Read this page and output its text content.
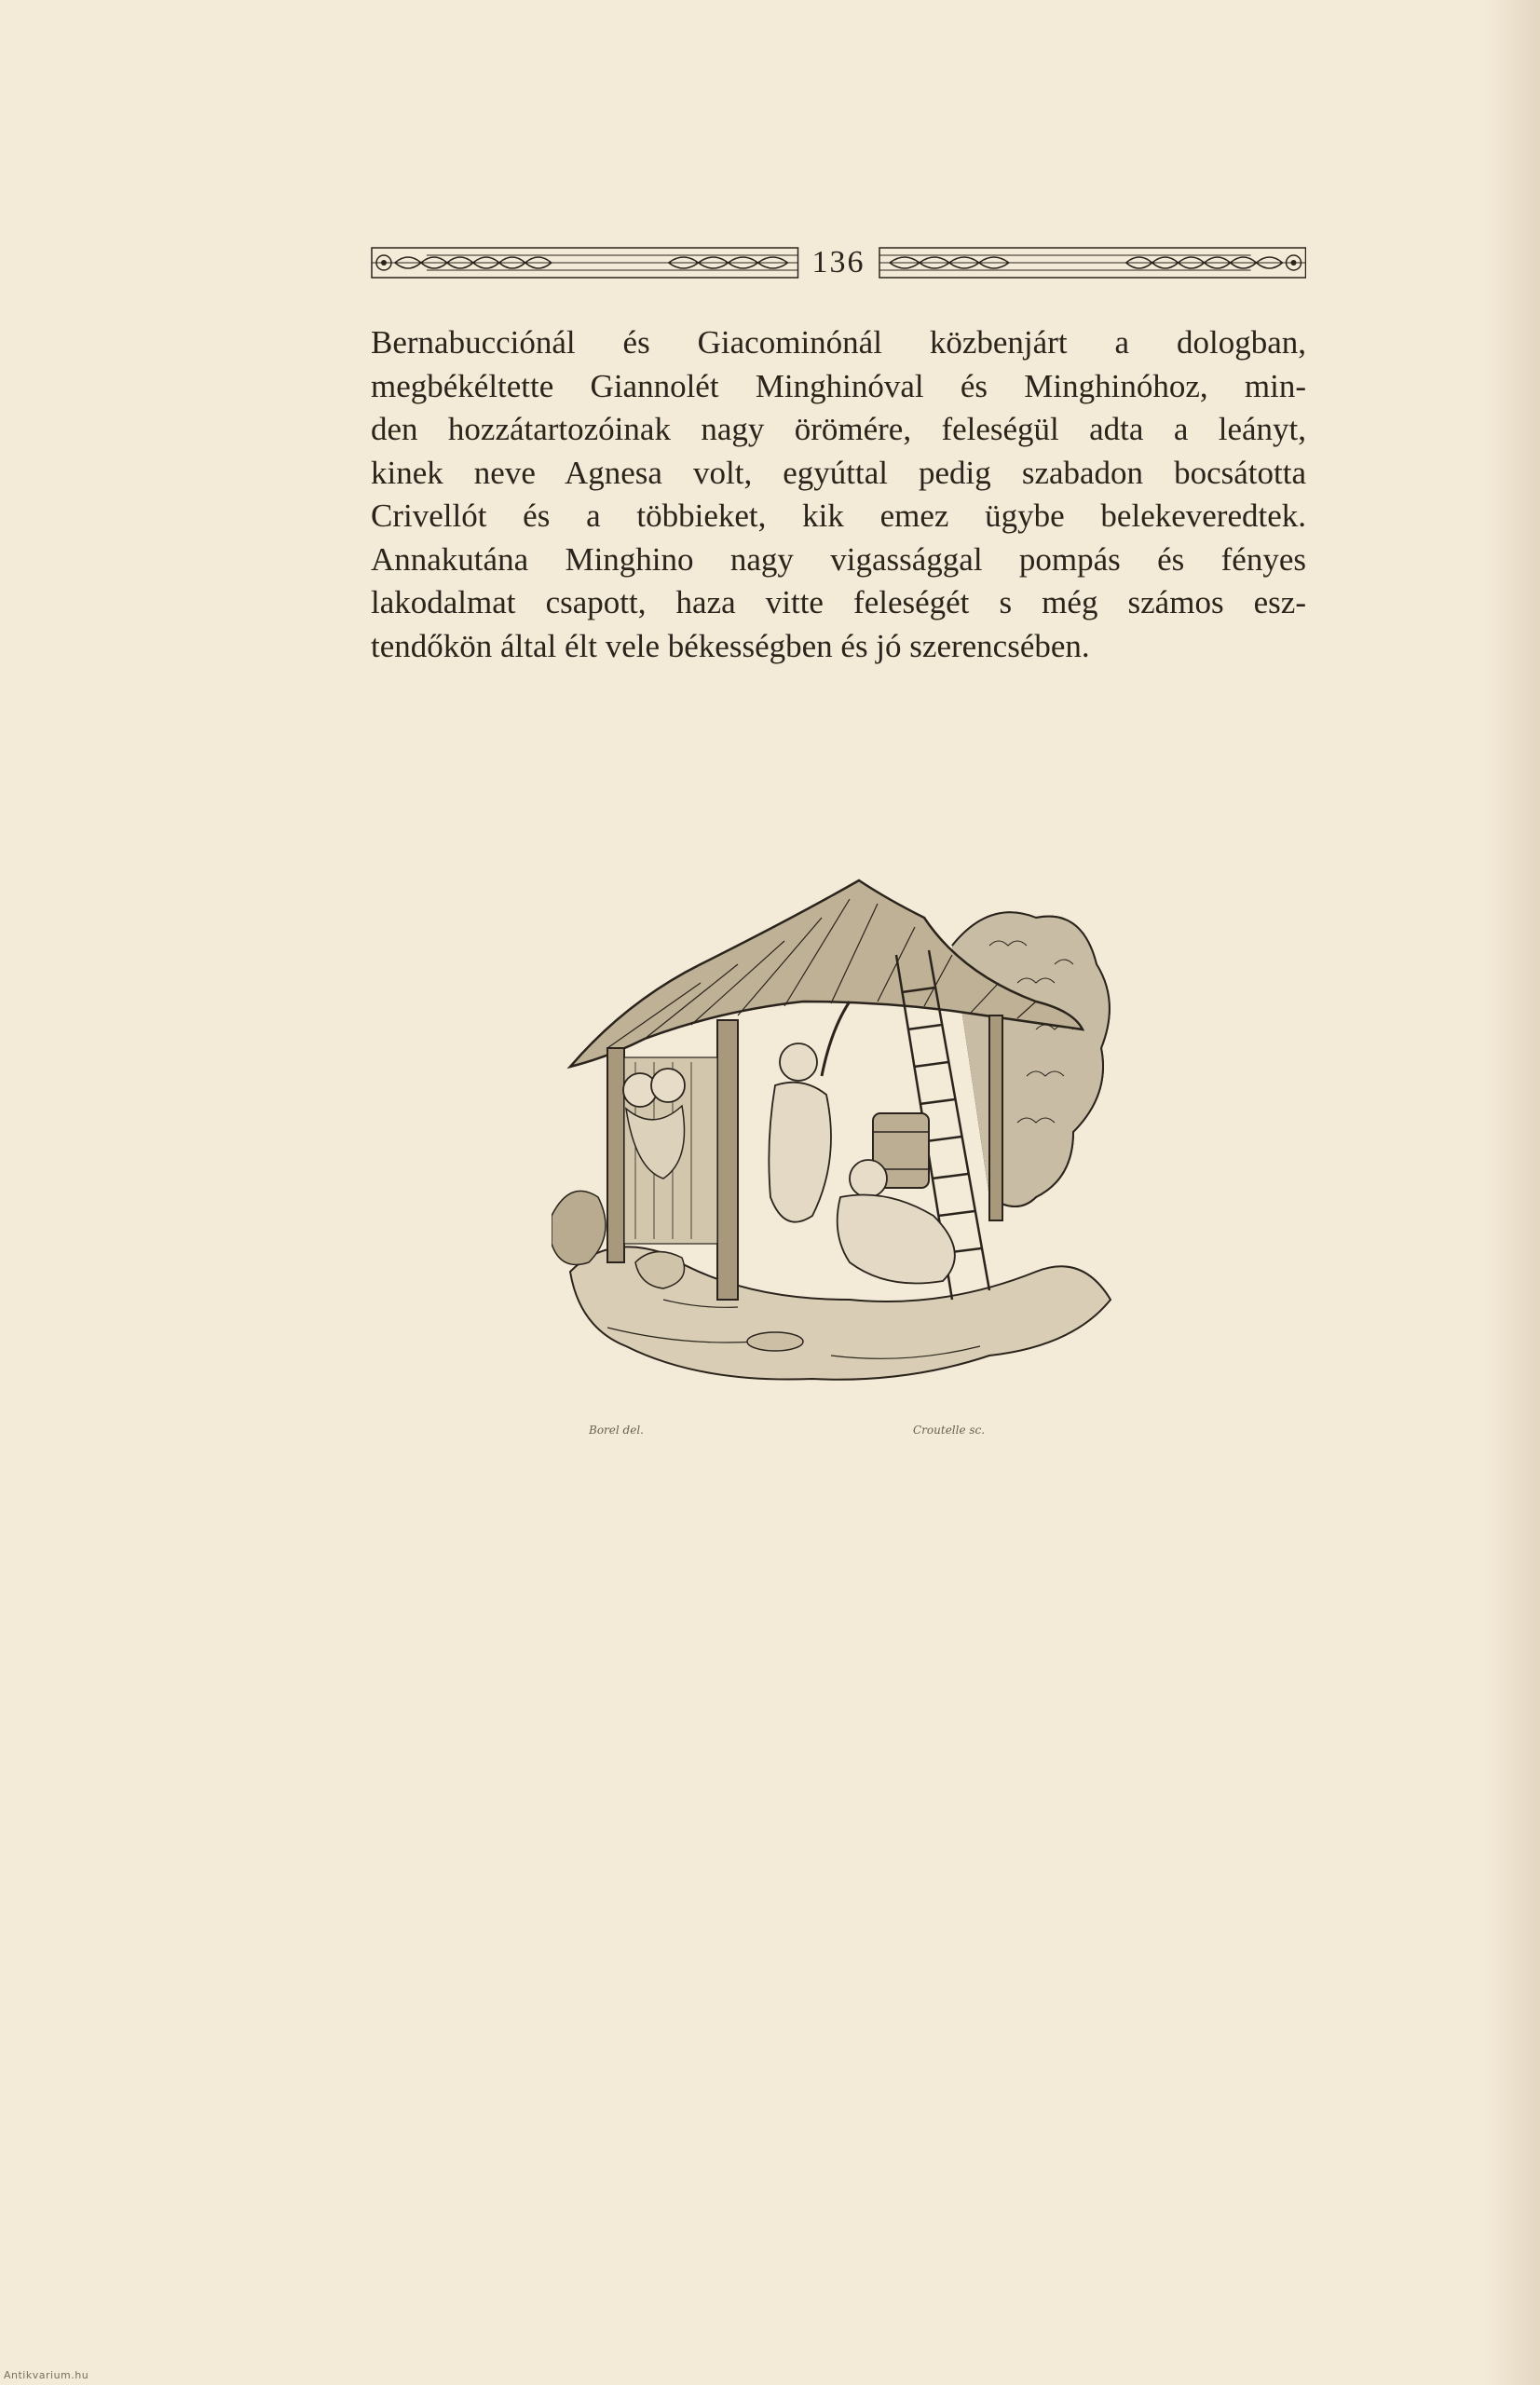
136
Bernabucciónál és Giacominónál közbenjárt a dologban,
megbékéltette Giannolét Minghinóval és Minghinóhoz, min-
den hozzátartozóinak nagy örömére, feleségül adta a leányt,
kinek neve Agnesa volt, egyúttal pedig szabadon bocsátotta
Crivellót és a többieket, kik emez ügybe belekeveredtek.
Annakutána Minghino nagy vigassággal pompás és fényes
lakodalmat csapott, haza vitte feleségét s még számos esz-
tendőkön által élt vele békességben és jó szerencsében.
Borel del.	Croutelle sc.
Antikvarium.hu
